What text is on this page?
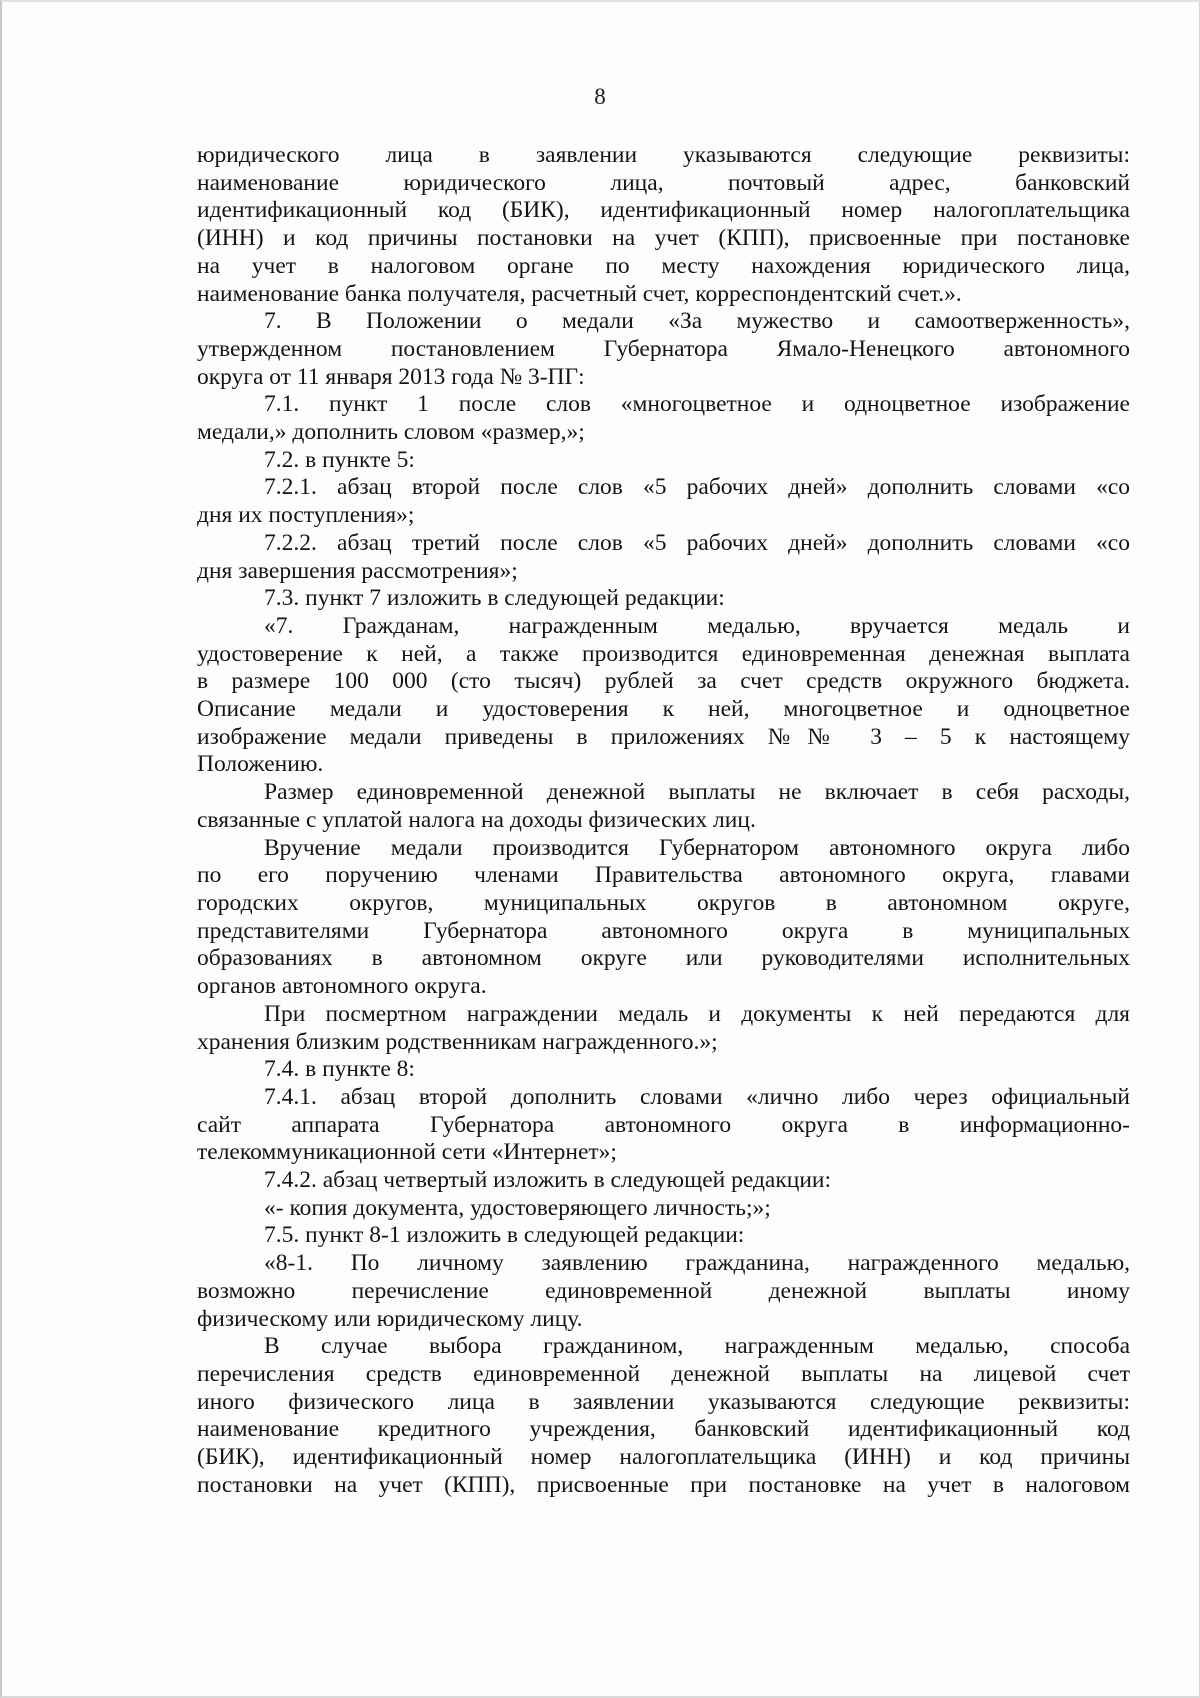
8
юридического лица в заявлении указываются следующие реквизиты:
наименование юридического лица, почтовый адрес, банковский
идентификационный код (БИК), идентификационный номер налогоплательщика
(ИНН) и код причины постановки на учет (КПП), присвоенные при постановке
на учет в налоговом органе по месту нахождения юридического лица,
наименование банка получателя, расчетный счет, корреспондентский счет.».
7. В Положении о медали «За мужество и самоотверженность»,
утвержденном постановлением Губернатора Ямало-Ненецкого автономного
округа от 11 января 2013 года № 3-ПГ:
7.1. пункт 1 после слов «многоцветное и одноцветное изображение
медали,» дополнить словом «размер,»;
7.2. в пункте 5:
7.2.1. абзац второй после слов «5 рабочих дней» дополнить словами «со
дня их поступления»;
7.2.2. абзац третий после слов «5 рабочих дней» дополнить словами «со
дня завершения рассмотрения»;
7.3. пункт 7 изложить в следующей редакции:
«7. Гражданам, награжденным медалью, вручается медаль и
удостоверение к ней, а также производится единовременная денежная выплата
в размере 100 000 (сто тысяч) рублей за счет средств окружного бюджета.
Описание медали и удостоверения к ней, многоцветное и одноцветное
изображение медали приведены в приложениях №№ 3 – 5 к настоящему
Положению.
Размер единовременной денежной выплаты не включает в себя расходы,
связанные с уплатой налога на доходы физических лиц.
Вручение медали производится Губернатором автономного округа либо
по его поручению членами Правительства автономного округа, главами
городских округов, муниципальных округов в автономном округе,
представителями Губернатора автономного округа в муниципальных
образованиях в автономном округе или руководителями исполнительных
органов автономного округа.
При посмертном награждении медаль и документы к ней передаются для
хранения близким родственникам награжденного.»;
7.4. в пункте 8:
7.4.1. абзац второй дополнить словами «лично либо через официальный
сайт аппарата Губернатора автономного округа в информационно-
телекоммуникационной сети «Интернет»;
7.4.2. абзац четвертый изложить в следующей редакции:
«- копия документа, удостоверяющего личность;»;
7.5. пункт 8-1 изложить в следующей редакции:
«8-1. По личному заявлению гражданина, награжденного медалью,
возможно перечисление единовременной денежной выплаты иному
физическому или юридическому лицу.
В случае выбора гражданином, награжденным медалью, способа
перечисления средств единовременной денежной выплаты на лицевой счет
иного физического лица в заявлении указываются следующие реквизиты:
наименование кредитного учреждения, банковский идентификационный код
(БИК), идентификационный номер налогоплательщика (ИНН) и код причины
постановки на учет (КПП), присвоенные при постановке на учет в налоговом
